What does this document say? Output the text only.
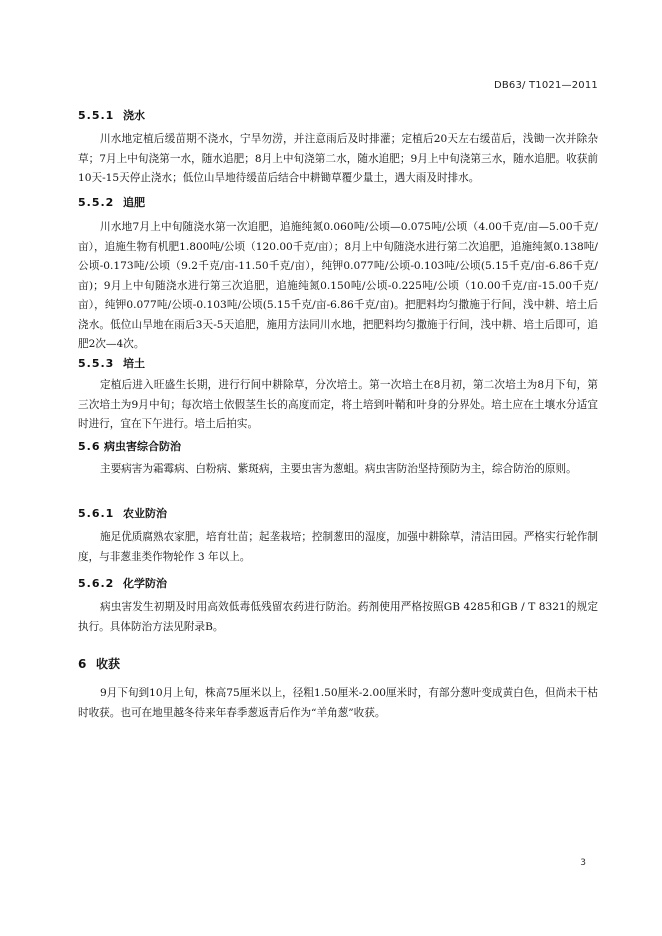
DB63/ T1021—2011
5.5.1 浇水

川水地定植后缓苗期不浇水，宁旱勿涝，并注意雨后及时排灌；定植后20天左右缓苗后，浅锄一次并除杂草；7月上中旬浇第一水，随水追肥；8月上中旬浇第二水，随水追肥；9月上中旬浇第三水，随水追肥。收获前10天-15天停止浇水；低位山旱地待缓苗后结合中耕锄草覆少量土，遇大雨及时排水。

5.5.2 追肥

川水地7月上中旬随浇水第一次追肥，追施纯氮0.060吨/公顷—0.075吨/公顷（4.00千克/亩—5.00千克/亩），追施生物有机肥1.800吨/公顷（120.00千克/亩）；8月上中旬随浇水进行第二次追肥，追施纯氮0.138吨/公顷-0.173吨/公顷（9.2千克/亩-11.50千克/亩），纯钾0.077吨/公顷-0.103吨/公顷(5.15千克/亩-6.86千克/亩)；9月上中旬随浇水进行第三次追肥，追施纯氮0.150吨/公顷-0.225吨/公顷（10.00千克/亩-15.00千克/亩），纯钾0.077吨/公顷-0.103吨/公顷(5.15千克/亩-6.86千克/亩)。把肥料均匀撒施于行间，浅中耕、培土后浇水。低位山旱地在雨后3天-5天追肥，施用方法同川水地，把肥料均匀撒施于行间，浅中耕、培土后即可，追肥2次—4次。

5.5.3 培土

定植后进入旺盛生长期，进行行间中耕除草，分次培土。第一次培土在8月初，第二次培土为8月下旬，第三次培土为9月中旬；每次培土依假茎生长的高度而定，将土培到叶鞘和叶身的分界处。培土应在土壤水分适宜时进行，宜在下午进行。培土后拍实。

5.6 病虫害综合防治

主要病害为霜霉病、白粉病、紫斑病，主要虫害为葱蛆。病虫害防治坚持预防为主，综合防治的原则。

5.6.1 农业防治

施足优质腐熟农家肥，培育壮苗；起垄栽培；控制葱田的湿度，加强中耕除草，清洁田园。严格实行轮作制度，与非葱韭类作物轮作 3 年以上。

5.6.2 化学防治

病虫害发生初期及时用高效低毒低残留农药进行防治。药剂使用严格按照GB 4285和GB / T 8321的规定执行。具体防治方法见附录B。

6 收获

9月下旬到10月上旬，株高75厘米以上，径粗1.50厘米-2.00厘米时，有部分葱叶变成黄白色，但尚未干枯时收获。也可在地里越冬待来年春季葱返青后作为“羊角葱”收获。

3
